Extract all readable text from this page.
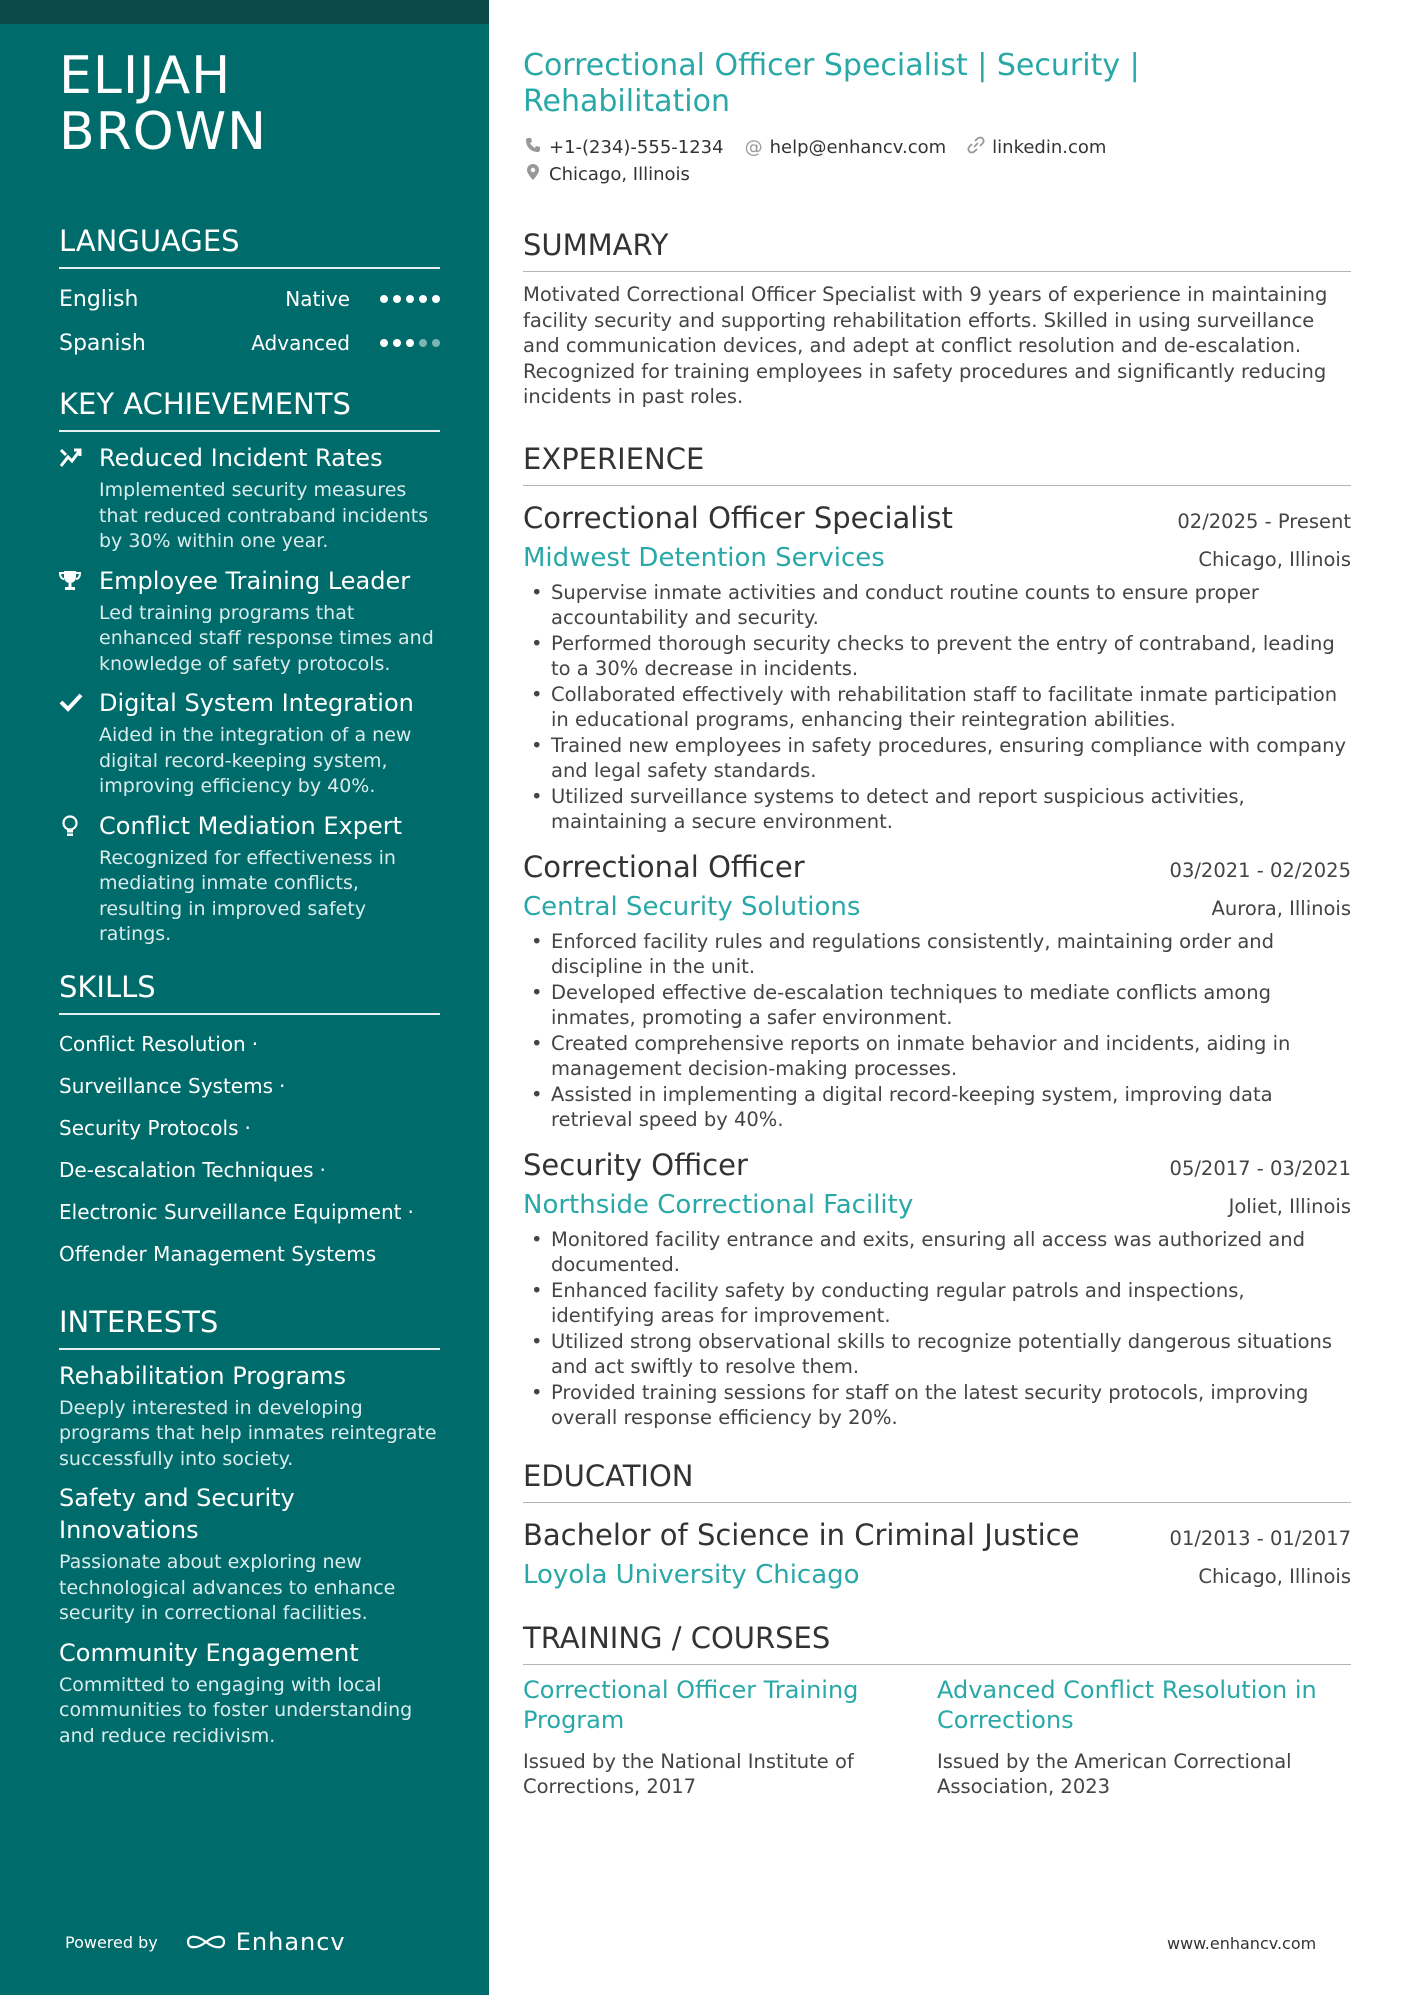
ELIJAH BROWN
LANGUAGES
English	Native
Spanish	Advanced
KEY ACHIEVEMENTS
Reduced Incident Rates
Implemented security measures that reduced contraband incidents by 30% within one year.
Employee Training Leader
Led training programs that enhanced staff response times and knowledge of safety protocols.
Digital System Integration
Aided in the integration of a new digital record-keeping system, improving efficiency by 40%.
Conflict Mediation Expert
Recognized for effectiveness in mediating inmate conflicts, resulting in improved safety ratings.
SKILLS
Conflict Resolution ·
Surveillance Systems ·
Security Protocols ·
De-escalation Techniques ·
Electronic Surveillance Equipment ·
Offender Management Systems
INTERESTS
Rehabilitation Programs
Deeply interested in developing programs that help inmates reintegrate successfully into society.
Safety and Security Innovations
Passionate about exploring new technological advances to enhance security in correctional facilities.
Community Engagement
Committed to engaging with local communities to foster understanding and reduce recidivism.
Powered by	Enhancv
Correctional Officer Specialist | Security | Rehabilitation
+1-(234)-555-1234 @ help@enhancv.com	linkedin.com
Chicago, Illinois
SUMMARY
Motivated Correctional Officer Specialist with 9 years of experience in maintaining facility security and supporting rehabilitation efforts. Skilled in using surveillance and communication devices, and adept at conflict resolution and de-escalation. Recognized for training employees in safety procedures and significantly reducing incidents in past roles.
EXPERIENCE
Correctional Officer Specialist	02/2025 - Present
Midwest Detention Services	Chicago, Illinois
• Supervise inmate activities and conduct routine counts to ensure proper accountability and security.
• Performed thorough security checks to prevent the entry of contraband, leading to a 30% decrease in incidents.
• Collaborated effectively with rehabilitation staff to facilitate inmate participation in educational programs, enhancing their reintegration abilities.
• Trained new employees in safety procedures, ensuring compliance with company and legal safety standards.
• Utilized surveillance systems to detect and report suspicious activities, maintaining a secure environment.
Correctional Officer	03/2021 - 02/2025
Central Security Solutions	Aurora, Illinois
• Enforced facility rules and regulations consistently, maintaining order and discipline in the unit.
• Developed effective de-escalation techniques to mediate conflicts among inmates, promoting a safer environment.
• Created comprehensive reports on inmate behavior and incidents, aiding in management decision-making processes.
• Assisted in implementing a digital record-keeping system, improving data retrieval speed by 40%.
Security Officer	05/2017 - 03/2021
Northside Correctional Facility	Joliet, Illinois
• Monitored facility entrance and exits, ensuring all access was authorized and documented.
• Enhanced facility safety by conducting regular patrols and inspections, identifying areas for improvement.
• Utilized strong observational skills to recognize potentially dangerous situations and act swiftly to resolve them.
• Provided training sessions for staff on the latest security protocols, improving overall response efficiency by 20%.
EDUCATION
Bachelor of Science in Criminal Justice	01/2013 - 01/2017
Loyola University Chicago	Chicago, Illinois
TRAINING / COURSES
Correctional Officer Training Program
Issued by the National Institute of Corrections, 2017
Advanced Conflict Resolution in Corrections
Issued by the American Correctional Association, 2023
www.enhancv.com
